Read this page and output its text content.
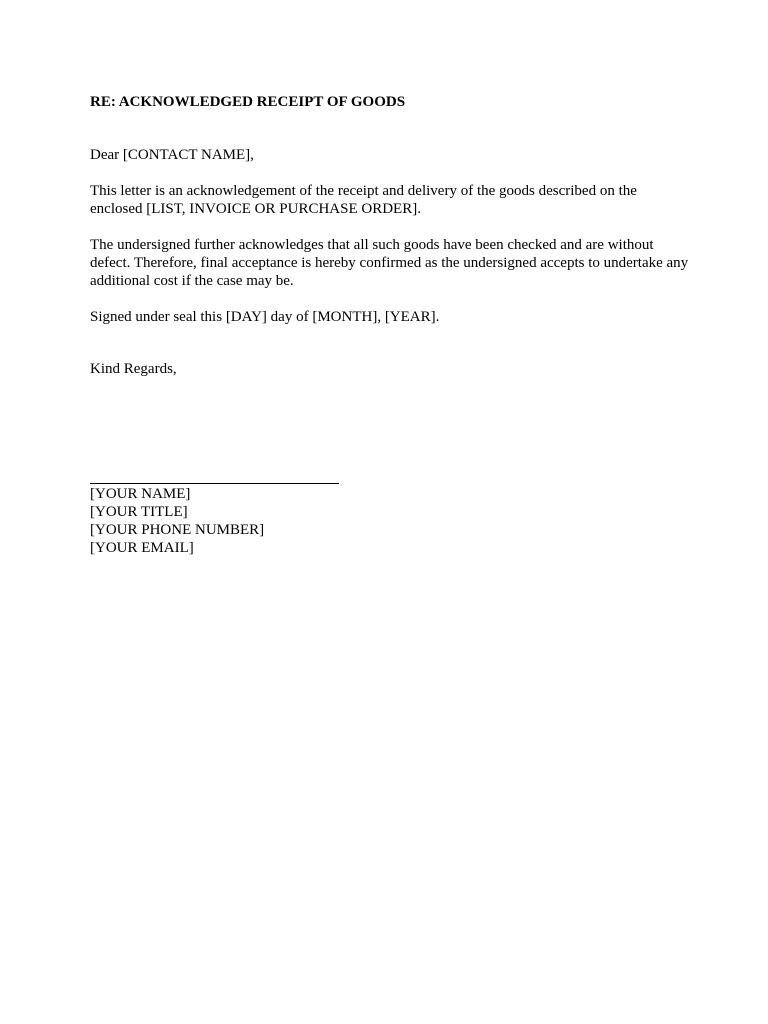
RE: ACKNOWLEDGED RECEIPT OF GOODS

Dear [CONTACT NAME],

This letter is an acknowledgement of the receipt and delivery of the goods described on the enclosed [LIST, INVOICE OR PURCHASE ORDER].

The undersigned further acknowledges that all such goods have been checked and are without defect. Therefore, final acceptance is hereby confirmed as the undersigned accepts to undertake any additional cost if the case may be.

Signed under seal this [DAY] day of [MONTH], [YEAR].

Kind Regards,

[YOUR NAME]
[YOUR TITLE]
[YOUR PHONE NUMBER]
[YOUR EMAIL]
